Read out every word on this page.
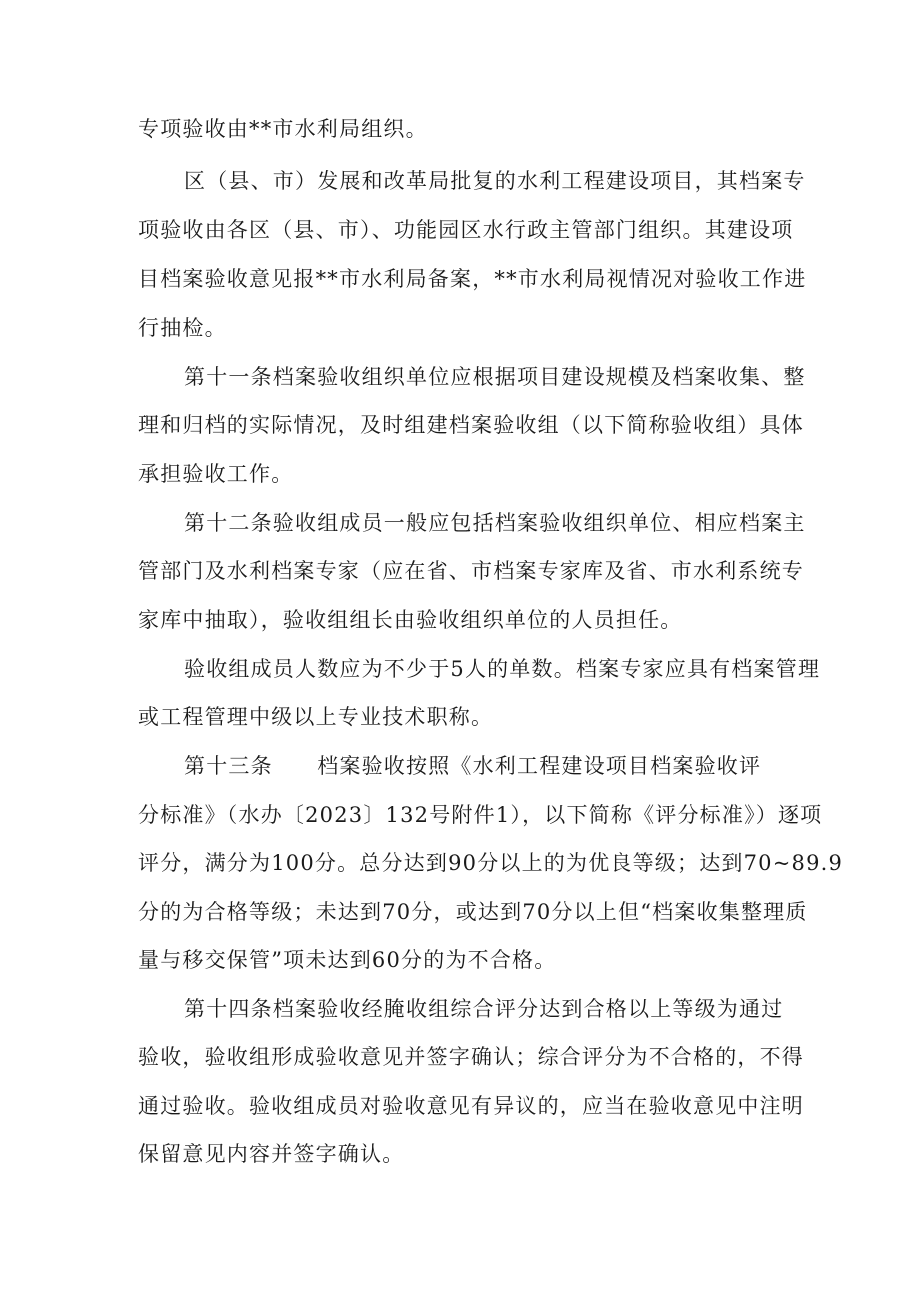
专项验收由**市水利局组织。
区（县、市）发展和改革局批复的水利工程建设项目，其档案专
项验收由各区（县、市）、功能园区水行政主管部门组织。其建设项
目档案验收意见报**市水利局备案，**市水利局视情况对验收工作进
行抽检。
第十一条档案验收组织单位应根据项目建设规模及档案收集、整
理和归档的实际情况，及时组建档案验收组（以下简称验收组）具体
承担验收工作。
第十二条验收组成员一般应包括档案验收组织单位、相应档案主
管部门及水利档案专家（应在省、市档案专家库及省、市水利系统专
家库中抽取），验收组组长由验收组织单位的人员担任。
验收组成员人数应为不少于5人的单数。档案专家应具有档案管理
或工程管理中级以上专业技术职称。
第十三条　　档案验收按照《水利工程建设项目档案验收评
分标准》（水办〔2023〕132号附件1），以下简称《评分标准》）逐项
评分，满分为100分。总分达到90分以上的为优良等级；达到70~89.9
分的为合格等级；未达到70分，或达到70分以上但“档案收集整理质
量与移交保管”项未达到60分的为不合格。
第十四条档案验收经腌收组综合评分达到合格以上等级为通过
验收，验收组形成验收意见并签字确认；综合评分为不合格的，不得
通过验收。验收组成员对验收意见有异议的，应当在验收意见中注明
保留意见内容并签字确认。
